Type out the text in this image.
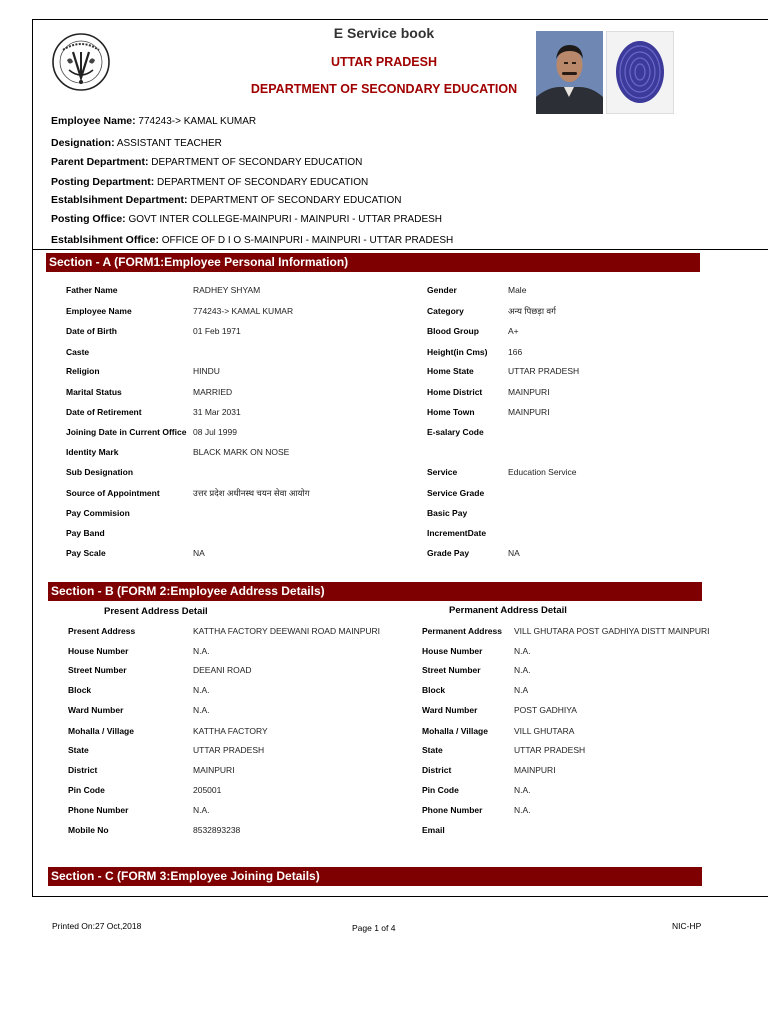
E Service book
UTTAR PRADESH
DEPARTMENT OF SECONDARY EDUCATION
Employee Name: 774243-> KAMAL KUMAR
Designation: ASSISTANT TEACHER
Parent Department: DEPARTMENT OF SECONDARY EDUCATION
Posting Department: DEPARTMENT OF SECONDARY EDUCATION
Establsihment Department: DEPARTMENT OF SECONDARY EDUCATION
Posting Office: GOVT INTER COLLEGE-MAINPURI - MAINPURI - UTTAR PRADESH
Establsihment Office: OFFICE OF D I O S-MAINPURI - MAINPURI - UTTAR PRADESH
Section - A (FORM1:Employee Personal Information)
Father Name	RADHEY SHYAM
Employee Name	774243-> KAMAL KUMAR
Date of Birth	01 Feb 1971
Caste
Religion	HINDU
Marital Status	MARRIED
Date of Retirement	31 Mar 2031
Joining Date in Current Office 08 Jul 1999
Identity Mark	BLACK MARK ON NOSE
Sub Designation
Source of Appointment	उत्तर प्रदेश अधीनस्थ चयन सेवा आयोग
Pay Commision
Pay Band
Pay Scale	NA
Gender	Male
Category	अन्य पिछड़ा वर्ग
Blood Group	A+
Height(in Cms) 166
Home State	UTTAR PRADESH
Home District	MAINPURI
Home Town	MAINPURI
E-salary Code
Service	Education Service
Service Grade
Basic Pay
IncrementDate
Grade Pay	NA
Section - B (FORM 2:Employee Address Details)
Present Address Detail	Permanent Address Detail
Present Address	KATTHA FACTORY DEEWANI ROAD MAINPURI
House Number	N.A.
Street Number	DEEANI ROAD
Block	N.A.
Ward Number	N.A.
Mohalla / Village	KATTHA FACTORY
State	UTTAR PRADESH
District	MAINPURI
Pin Code	205001
Phone Number	N.A.
Mobile No	8532893238
Permanent Address VILL GHUTARA POST GADHIYA DISTT MAINPURI
House Number	N.A.
Street Number	N.A.
Block	N.A
Ward Number	POST GADHIYA
Mohalla / Village	VILL GHUTARA
State	UTTAR PRADESH
District	MAINPURI
Pin Code	N.A.
Phone Number	N.A.
Email
Section - C (FORM 3:Employee Joining Details)
Printed On:27 Oct,2018	Page 1 of 4	NIC-HP
